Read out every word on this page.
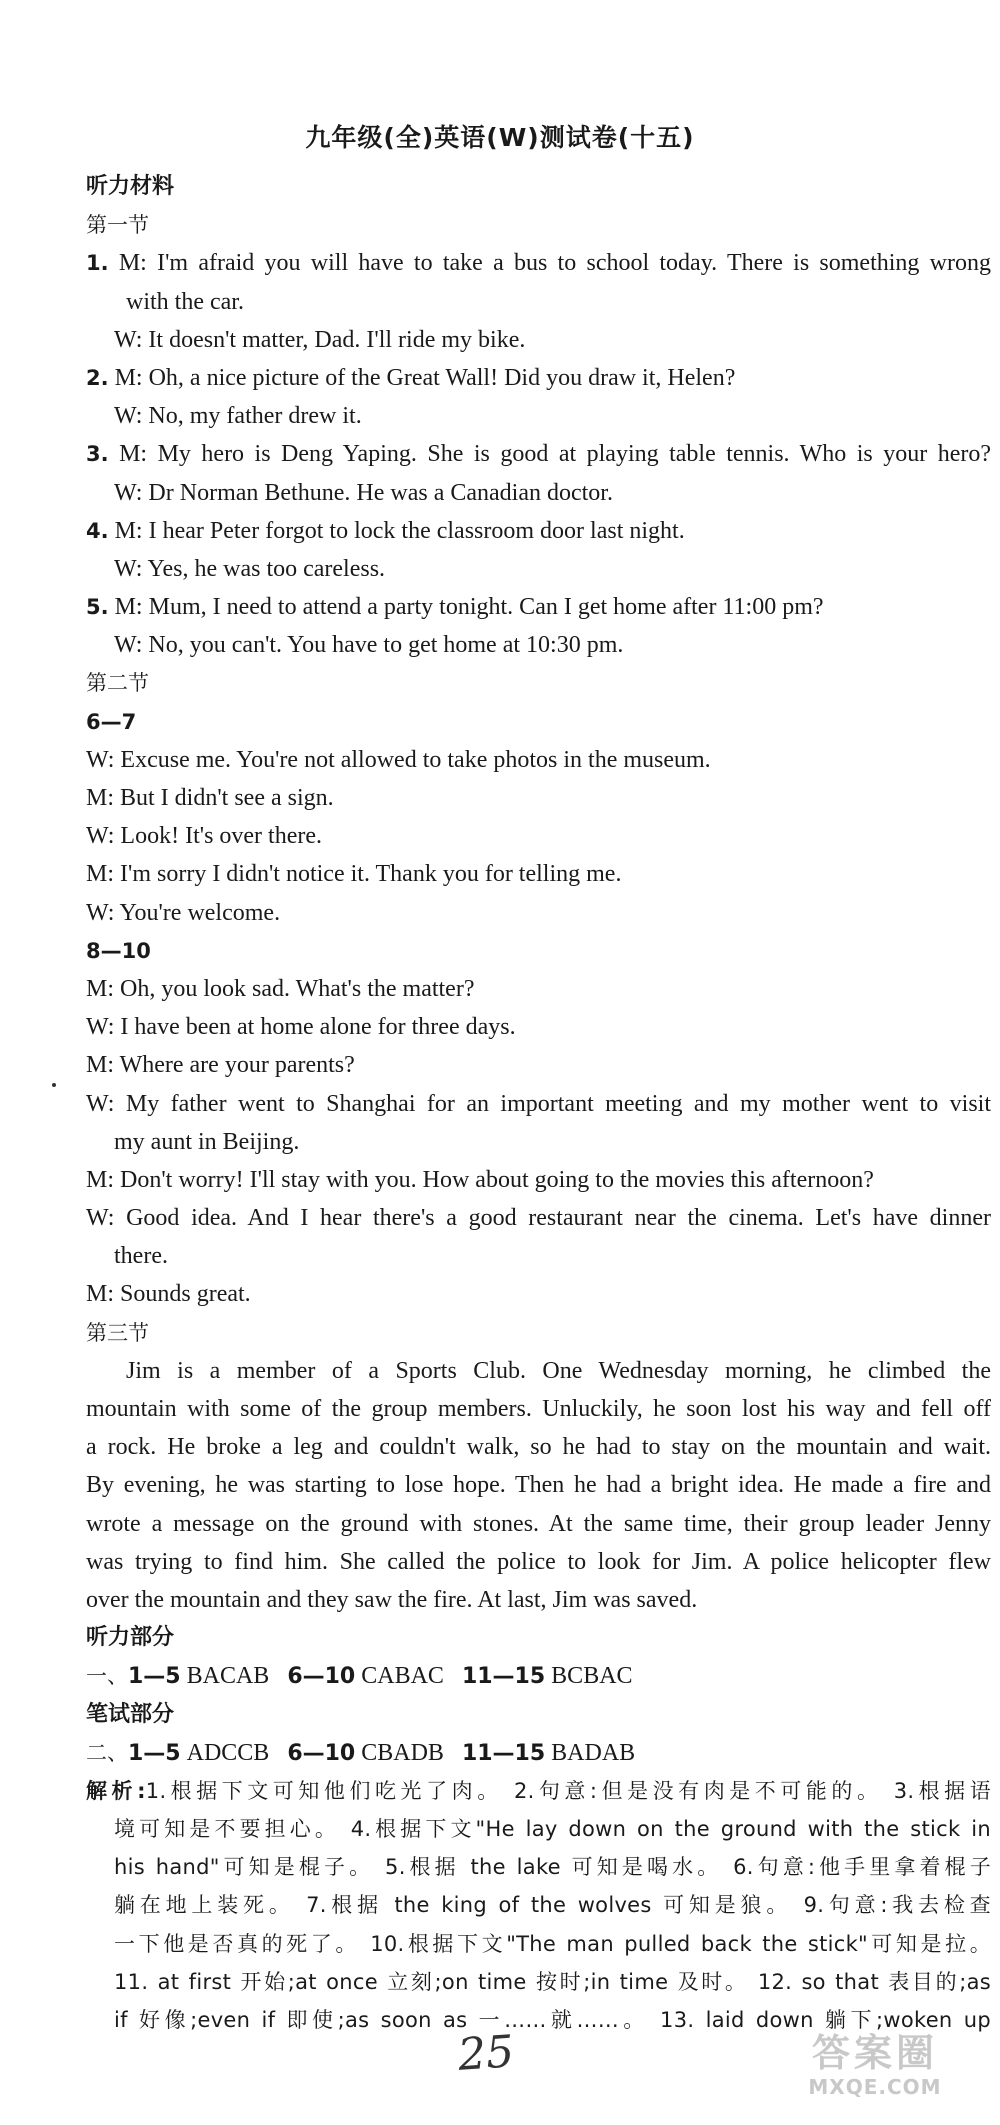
九年级(全)英语(W)测试卷(十五)
听力材料
第一节
1. M: I'm afraid you will have to take a bus to school today. There is something wrong
with the car.
W: It doesn't matter, Dad. I'll ride my bike.
2. M: Oh, a nice picture of the Great Wall! Did you draw it, Helen?
W: No, my father drew it.
3. M: My hero is Deng Yaping. She is good at playing table tennis. Who is your hero?
W: Dr Norman Bethune. He was a Canadian doctor.
4. M: I hear Peter forgot to lock the classroom door last night.
W: Yes, he was too careless.
5. M: Mum, I need to attend a party tonight. Can I get home after 11:00 pm?
W: No, you can't. You have to get home at 10:30 pm.
第二节
6—7
W: Excuse me. You're not allowed to take photos in the museum.
M: But I didn't see a sign.
W: Look! It's over there.
M: I'm sorry I didn't notice it. Thank you for telling me.
W: You're welcome.
8—10
M: Oh, you look sad. What's the matter?
W: I have been at home alone for three days.
M: Where are your parents?
W: My father went to Shanghai for an important meeting and my mother went to visit
my aunt in Beijing.
M: Don't worry! I'll stay with you. How about going to the movies this afternoon?
W: Good idea. And I hear there's a good restaurant near the cinema. Let's have dinner
there.
M: Sounds great.
第三节
Jim is a member of a Sports Club. One Wednesday morning, he climbed the
mountain with some of the group members. Unluckily, he soon lost his way and fell off
a rock. He broke a leg and couldn't walk, so he had to stay on the mountain and wait.
By evening, he was starting to lose hope. Then he had a bright idea. He made a fire and
wrote a message on the ground with stones. At the same time, their group leader Jenny
was trying to find him. She called the police to look for Jim. A police helicopter flew
over the mountain and they saw the fire. At last, Jim was saved.
听力部分
一、1—5 BACAB 6—10 CABAC 11—15 BCBAC
笔试部分
二、1—5 ADCCB 6—10 CBADB 11—15 BADAB
解析:1.根据下文可知他们吃光了肉。 2.句意:但是没有肉是不可能的。 3.根据语
境可知是不要担心。 4.根据下文"He lay down on the ground with the stick in
his hand"可知是棍子。 5.根据 the lake 可知是喝水。 6.句意:他手里拿着棍子
躺在地上装死。 7.根据 the king of the wolves 可知是狼。 9.句意:我去检查
一下他是否真的死了。 10.根据下文"The man pulled back the stick"可知是拉。
11. at first 开始;at once 立刻;on time 按时;in time 及时。 12. so that 表目的;as
if 好像;even if 即使;as soon as 一……就……。 13. laid down 躺下;woken up
25	答案圈
MXQE.COM
